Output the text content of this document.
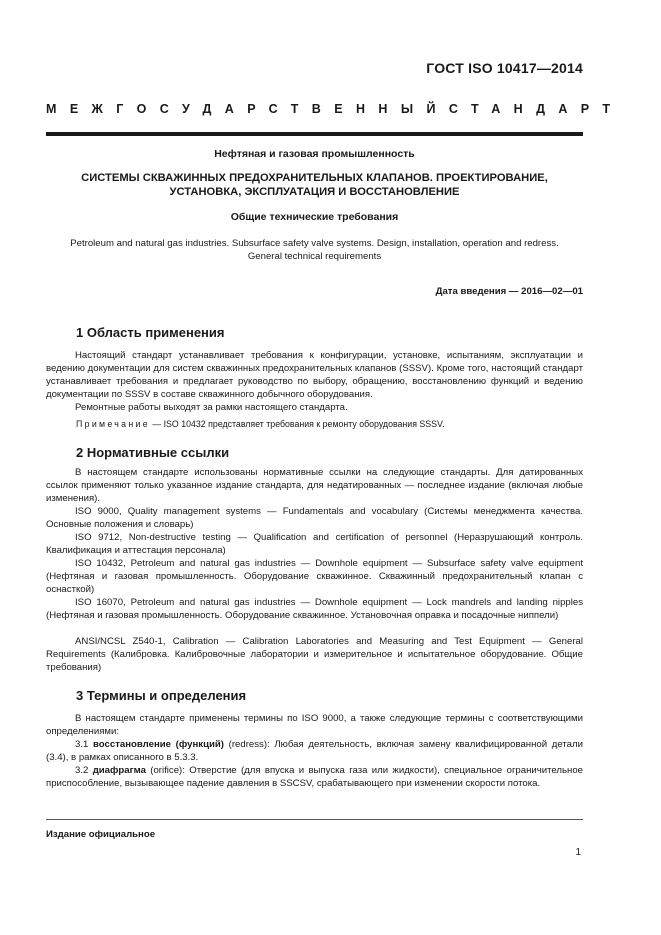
ГОСТ ISO 10417—2014
МЕЖГОСУДАРСТВЕННЫЙ СТАНДАРТ
Нефтяная и газовая промышленность
СИСТЕМЫ СКВАЖИННЫХ ПРЕДОХРАНИТЕЛЬНЫХ КЛАПАНОВ. ПРОЕКТИРОВАНИЕ,
УСТАНОВКА, ЭКСПЛУАТАЦИЯ И ВОССТАНОВЛЕНИЕ
Общие технические требования
Petroleum and natural gas industries. Subsurface safety valve systems. Design, installation, operation and redress.
General technical requirements
Дата введения — 2016—02—01
1 Область применения
Настоящий стандарт устанавливает требования к конфигурации, установке, испытаниям, эксплуатации и ведению документации для систем скважинных предохранительных клапанов (SSSV). Кроме того, настоящий стандарт устанавливает требования и предлагает руководство по выбору, обращению, восстановлению функций и ведению документации по SSSV в составе скважинного добычного оборудования.
Ремонтные работы выходят за рамки настоящего стандарта.
Примечание — ISO 10432 представляет требования к ремонту оборудования SSSV.
2 Нормативные ссылки
В настоящем стандарте использованы нормативные ссылки на следующие стандарты. Для датированных ссылок применяют только указанное издание стандарта, для недатированных — последнее издание (включая любые изменения).
ISO 9000, Quality management systems — Fundamentals and vocabulary (Системы менеджмента качества. Основные положения и словарь)
ISO 9712, Non-destructive testing — Qualification and certification of personnel (Неразрушающий контроль. Квалификация и аттестация персонала)
ISO 10432, Petroleum and natural gas industries — Downhole equipment — Subsurface safety valve equipment (Нефтяная и газовая промышленность. Оборудование скважинное. Скважинный предохранительный клапан с оснасткой)
ISO 16070, Petroleum and natural gas industries — Downhole equipment — Lock mandrels and landing nipples (Нефтяная и газовая промышленность. Оборудование скважинное. Установочная оправка и посадочные ниппели)
ANSI/NCSL Z540-1, Calibration — Calibration Laboratories and Measuring and Test Equipment — General Requirements (Калибровка. Калибровочные лаборатории и измерительное и испытательное оборудование. Общие требования)
3 Термины и определения
В настоящем стандарте применены термины по ISO 9000, а также следующие термины с соответствующими определениями:
3.1 восстановление (функций) (redress): Любая деятельность, включая замену квалифицированной детали (3.4), в рамках описанного в 5.3.3.
3.2 диафрагма (orifice): Отверстие (для впуска и выпуска газа или жидкости), специальное ограничительное приспособление, вызывающее падение давления в SSCSV, срабатывающего при изменении скорости потока.
Издание официальное
1
